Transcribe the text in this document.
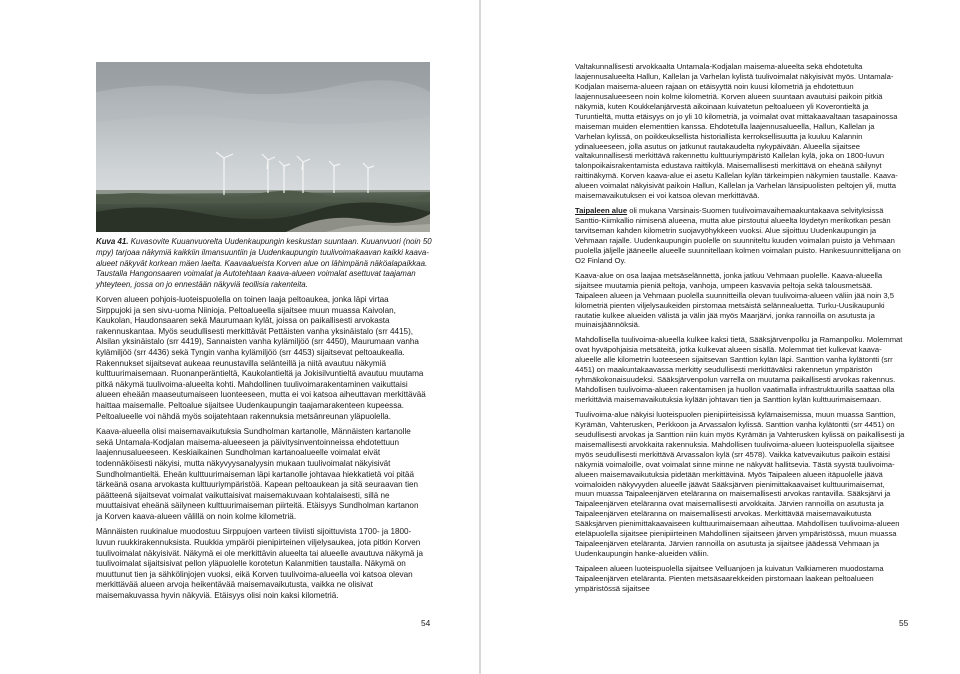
Kuva 41. Kuvasovite Kuuanvuorelta Uudenkaupungin keskustan suuntaan. Kuuanvuori (noin 50 mpy) tarjoaa näkymiä kaikkiin ilmansuuntiin ja Uudenkaupungin tuulivoimakaavan kaikki kaava-alueet näkyvät korkean mäen laelta. Kaavaalueista Korven alue on lähimpänä näköalapaikkaa. Taustalla Hangonsaaren voimalat ja Autotehtaan kaava-alueen voimalat asettuvat taajaman yhteyteen, jossa on jo ennestään näkyviä teollisia rakenteita.

Korven alueen pohjois-luoteispuolella on toinen laaja peltoaukea, jonka läpi virtaa Sirppujoki ja sen sivu-uoma Niinioja. Peltoalueella sijaitsee muun muassa Kaivolan, Kaukolan, Haudonsaaren sekä Maurumaan kylät, joissa on paikallisesti arvokasta rakennuskantaa. Myös seudullisesti merkittävät Pettäisten vanha yksinäistalo (srr 4415), Alsilan yksinäistalo (srr 4419), Sannaisten vanha kylämiljöö (srr 4450), Maurumaan vanha kylämiljöö (srr 4436) sekä Tyngin vanha kylämiljöö (srr 4453) sijaitsevat peltoaukealla. Rakennukset sijaitsevat aukeaa reunustavilla selänteillä ja niitä avautuu näkymiä kulttuurimaisemaan. Ruonanperäntieltä, Kaukolantieltä ja Jokisilvuntieltä avautuu muutama pitkä näkymä tuulivoima-alueelta kohti. Mahdollinen tuulivoimarakentaminen vaikuttaisi alueen eheään maaseutumaiseen luonteeseen, mutta ei voi katsoa aiheuttavan merkittävää haittaa maisemalle. Peltoalue sijaitsee Uudenkaupungin taajamarakenteen kupeessa. Peltoalueelle voi nähdä myös soijatehtaan rakennuksia metsänreunan yläpuolella.

Kaava-alueella olisi maisemavaikutuksia Sundholman kartanolle, Männäisten kartanolle sekä Untamala-Kodjalan maisema-alueeseen ja päivitysinventoinneissa ehdotettuun laajennusalueeseen. Keskiaikainen Sundholman kartanoalueelle voimalat eivät todennäköisesti näkyisi, mutta näkyvyysanalyysin mukaan tuulivoimalat näkyisivät Sundholmantieltä. Eheän kulttuurimaiseman läpi kartanolle johtavaa hiekkatietä voi pitää tärkeänä osana arvokasta kulttuuriympäristöä. Kapean peltoaukean ja sitä seuraavan tien päätteenä sijaitsevat voimalat vaikuttaisivat maisemakuvaan kohtalaisesti, sillä ne muuttaisivat eheänä säilyneen kulttuurimaiseman piirteitä. Etäisyys Sundholman kartanon ja Korven kaava-alueen välillä on noin kolme kilometriä.

Männäisten ruukinalue muodostuu Sirppujoen varteen tiiviisti sijoittuvista 1700- ja 1800-luvun ruukkirakennuksista. Ruukkia ympäröi pienipirteinen viljelysaukea, jota pitkin Korven tuulivoimalat näkyisivät. Näkymä ei ole merkittävin alueelta tai alueelle avautuva näkymä ja tuulivoimalat sijaitsisivat pellon yläpuolelle korotetun Kalanmitien taustalla. Näkymä on muuttunut tien ja sähkölinjojen vuoksi, eikä Korven tuulivoima-alueella voi katsoa olevan merkittävää alueen arvoja heikentävää maisemavaikutusta, vaikka ne olisivat maisemakuvassa hyvin näkyviä. Etäisyys olisi noin kaksi kilometriä.

54

Valtakunnallisesti arvokkaalta Untamala-Kodjalan maisema-alueelta sekä ehdotetulta laajennusalueelta Hallun, Kallelan ja Varhelan kylistä tuulivoimalat näkyisivät myös. Untamala-Kodjalan maisema-alueen rajaan on etäisyyttä noin kuusi kilometriä ja ehdotettuun laajennusalueeseen noin kolme kilometriä. Korven alueen suuntaan avautuisi paikoin pitkiä näkymiä, kuten Koukkelanjärvestä aikoinaan kuivatetun peltoalueen yli Koverontieltä ja Turuntieltä, mutta etäisyys on jo yli 10 kilometriä, ja voimalat ovat mittakaavaltaan tasapainossa maiseman muiden elementtien kanssa. Ehdotetulla laajennusalueella, Hallun, Kallelan ja Varhelan kylissä, on poikkeuksellista historiallista kerroksellisuutta ja kuuluu Kalannin ydinalueeseen, jolla asutus on jatkunut rautakaudelta nykypäivään. Alueella sijaitsee valtakunnallisesti merkittävä rakennettu kulttuuriympäristö Kallelan kylä, joka on 1800-luvun talonpoikaisrakentamista edustava raittikylä. Maisemallisesti merkittävä on eheänä säilynyt raittinäkymä. Korven kaava-alue ei asetu Kallelan kylän tärkeimpien näkymien taustalle. Kaava-alueen voimalat näkyisivät paikoin Hallun, Kallelan ja Varhelan länsipuolisten peltojen yli, mutta maisemavaikutuksen ei voi katsoa olevan merkittävää.

Taipaleen alue oli mukana Varsinais-Suomen tuulivoimavaihemaakuntakaava selvityksissä Santtio-Kiimkallio nimisenä alueena, mutta alue pirstoutui alueelta löydetyn merikotkan pesän tarvitseman kahden kilometrin suojavyöhykkeen vuoksi. Alue sijoittuu Uudenkaupungin ja Vehmaan rajalle. Uudenkaupungin puolelle on suunniteltu kuuden voimalan puisto ja Vehmaan puolella jäljelle jääneelle alueelle suunnitellaan kolmen voimalan puisto. Hankesuunnittelijana on O2 Finland Oy.

Kaava-alue on osa laajaa metsäselännettä, jonka jatkuu Vehmaan puolelle. Kaava-alueella sijaitsee muutamia pieniä peltoja, vanhoja, umpeen kasvavia peltoja sekä talousmetsää. Taipaleen alueen ja Vehmaan puolella suunnitteilla olevan tuulivoima-alueen väliin jää noin 3,5 kilometriä pienten viljelysaukeiden pirstomaa metsäistä selännealuetta. Turku-Uusikaupunki rautatie kulkee alueiden välistä ja välin jää myös Maarjärvi, jonka rannoilla on asutusta ja muinaisjäännöksiä.

Mahdollisella tuulivoima-alueella kulkee kaksi tietä, Sääksjärvenpolku ja Ramanpolku. Molemmat ovat hyväpohjaisia metsäteitä, jotka kulkevat alueen sisällä. Molemmat tiet kulkevat kaava-alueelle alle kilometrin luoteeseen sijaitsevan Santtion kylän läpi. Santtion vanha kylätontti (srr 4451) on maakuntakaavassa merkitty seudullisesti merkittäväksi rakennetun ympäristön ryhmäkokonaisuudeksi. Sääksjärvenpolun varrella on muutama paikallisesti arvokas rakennus. Mahdollisen tuulivoima-alueen rakentamisen ja huollon vaatimalla infrastruktuurilla saattaa olla merkittäviä maisemavaikutuksia kylään johtavan tien ja Santtion kylän kulttuurimaisemaan.

Tuulivoima-alue näkyisi luoteispuolen pienipiirteisissä kylämaisemissa, muun muassa Santtion, Kyrämän, Vahterusken, Perkkoon ja Arvassalon kylissä. Santtion vanha kylätontti (srr 4451) on seudullisesti arvokas ja Santtion niin kuin myös Kyrämän ja Vahterusken kylissä on paikallisesti ja maisemallisesti arvokkaita rakennuksia. Mahdollisen tuulivoima-alueen luoteispuolella sijaitsee myös seudullisesti merkittävä Arvassalon kylä (srr 4578). Vaikka katvevaikutus paikoin estäisi näkymiä voimaloille, ovat voimalat sinne minne ne näkyvät hallitsevia. Tästä syystä tuulivoima-alueen maisemavaikutuksia pidetään merkittävinä. Myös Taipaleen alueen itäpuolelle jäävä voimaloiden näkyvyyden alueelle jäävät Sääksjärven pienimittakaavaiset kulttuurimaisemat, muun muassa Taipaleenjärven eteläranna on maisemallisesti arvokas rantavilla. Sääksjärvi ja Taipaleenjärven eteläranna ovat maisemallisesti arvokkaita. Järvien rannoilla on asutusta ja Taipaleenjärven eteläranna on maisemallisesti arvokas. Merkittävää maisemavaikutusta Sääksjärven pienimittakaavaiseen kulttuurimaisemaan aiheuttaa. Mahdollisen tuulivoima-alueen eteläpuolella sijaitsee pienipiirteinen Mahdollinen sijaitseen järven ympäristössä, muun muassa Taipaleenjärven eteläranta. Järvien rannoilla on asutusta ja sijaitsee jäädessä Vehmaan ja Uudenkaupungin hanke-alueiden väliin.

Taipaleen alueen luoteispuolella sijaitsee Velluanjoen ja kuivatun Valkiameren muodostama Taipaleenjärven eteläranta. Pienten metsäsaarekkeiden pirstomaan laakean peltoalueen ympäristössä sijaitsee

55
